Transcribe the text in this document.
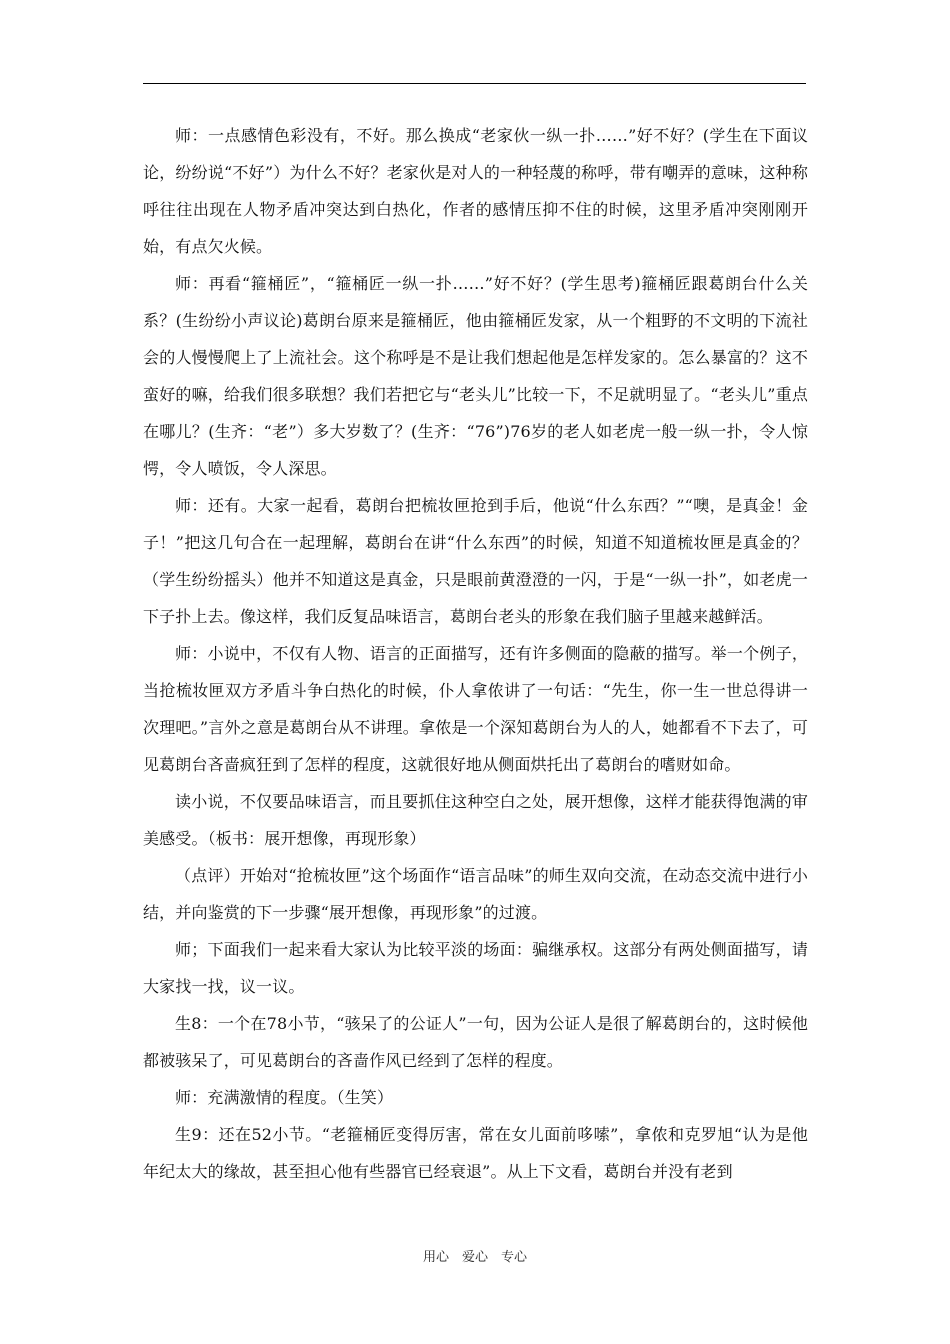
师：一点感情色彩没有，不好。那么换成“老家伙一纵一扑……”好不好？(学生在下面议论，纷纷说“不好”）为什么不好？老家伙是对人的一种轻蔑的称呼，带有嘲弄的意味，这种称呼往往出现在人物矛盾冲突达到白热化，作者的感情压抑不住的时候，这里矛盾冲突刚刚开始，有点欠火候。

师：再看“箍桶匠”，“箍桶匠一纵一扑……”好不好？(学生思考)箍桶匠跟葛朗台什么关系？(生纷纷小声议论)葛朗台原来是箍桶匠，他由箍桶匠发家，从一个粗野的不文明的下流社会的人慢慢爬上了上流社会。这个称呼是不是让我们想起他是怎样发家的。怎么暴富的？这不蛮好的嘛，给我们很多联想？我们若把它与“老头儿”比较一下，不足就明显了。“老头儿”重点在哪儿？(生齐：“老”）多大岁数了？(生齐：“76”)76岁的老人如老虎一般一纵一扑，令人惊愕，令人喷饭，令人深思。

师：还有。大家一起看，葛朗台把梳妆匣抢到手后，他说“什么东西？”“噢，是真金！金子！”把这几句合在一起理解，葛朗台在讲“什么东西”的时候，知道不知道梳妆匣是真金的？（学生纷纷摇头）他并不知道这是真金，只是眼前黄澄澄的一闪，于是“一纵一扑”，如老虎一下子扑上去。像这样，我们反复品味语言，葛朗台老头的形象在我们脑子里越来越鲜活。

师：小说中，不仅有人物、语言的正面描写，还有许多侧面的隐蔽的描写。举一个例子，当抢梳妆匣双方矛盾斗争白热化的时候，仆人拿侬讲了一句话：“先生，你一生一世总得讲一次理吧。”言外之意是葛朗台从不讲理。拿侬是一个深知葛朗台为人的人，她都看不下去了，可见葛朗台吝啬疯狂到了怎样的程度，这就很好地从侧面烘托出了葛朗台的嗜财如命。

读小说，不仅要品味语言，而且要抓住这种空白之处，展开想像，这样才能获得饱满的审美感受。（板书：展开想像，再现形象）

（点评）开始对“抢梳妆匣”这个场面作“语言品味”的师生双向交流，在动态交流中进行小结，并向鉴赏的下一步骤“展开想像，再现形象”的过渡。

师；下面我们一起来看大家认为比较平淡的场面：骗继承权。这部分有两处侧面描写，请大家找一找，议一议。

生8：一个在78小节，“骇呆了的公证人”一句，因为公证人是很了解葛朗台的，这时候他都被骇呆了，可见葛朗台的吝啬作风已经到了怎样的程度。

师：充满激情的程度。（生笑）

生9：还在52小节。“老箍桶匠变得厉害，常在女儿面前哆嗦”，拿侬和克罗旭“认为是他年纪太大的缘故，甚至担心他有些器官已经衰退”。从上下文看，葛朗台并没有老到

用心　爱心　专心
